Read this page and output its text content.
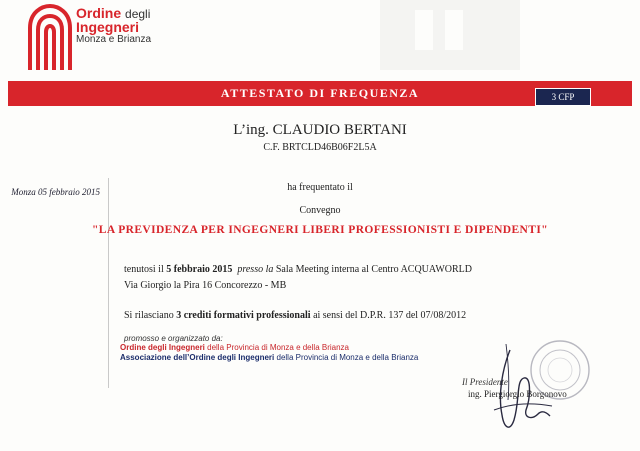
Ordine degli
Ingegneri
Monza e Brianza
ATTESTATO DI FREQUENZA	3 CFP
L’ing. CLAUDIO BERTANI
C.F. BRTCLD46B06F2L5A
Monza 05 febbraio 2015	ha frequentato il
Convegno
"LA PREVIDENZA PER INGEGNERI LIBERI PROFESSIONISTI E DIPENDENTI"
tenutosi il 5 febbraio 2015 presso la Sala Meeting interna al Centro ACQUAWORLD
Via Giorgio la Pira 16 Concorezzo - MB
Si rilasciano 3 crediti formativi professionali ai sensi del D.P.R. 137 del 07/08/2012
promosso e organizzato da:
Ordine degli Ingegneri della Provincia di Monza e della Brianza
Associazione dell’Ordine degli Ingegneri della Provincia di Monza e della Brianza
Il Presidente
ing. Piergiorgio Borgonovo
